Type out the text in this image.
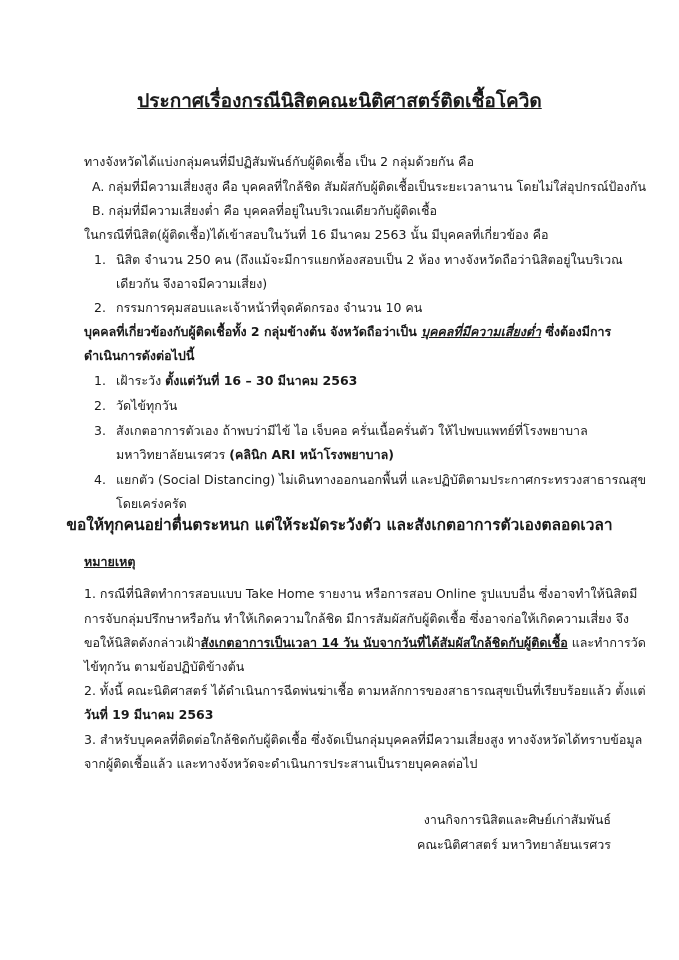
ประกาศเรื่องกรณีนิสิตคณะนิติศาสตร์ติดเชื้อโควิด
ทางจังหวัดได้แบ่งกลุ่มคนที่มีปฏิสัมพันธ์กับผู้ติดเชื้อ เป็น 2 กลุ่มด้วยกัน คือ
A. กลุ่มที่มีความเสี่ยงสูง คือ บุคคลที่ใกล้ชิด สัมผัสกับผู้ติดเชื้อเป็นระยะเวลานาน โดยไม่ใส่อุปกรณ์ป้องกัน
B. กลุ่มที่มีความเสี่ยงต่ำ คือ บุคคลที่อยู่ในบริเวณเดียวกับผู้ติดเชื้อ
ในกรณีที่นิสิต(ผู้ติดเชื้อ)ได้เข้าสอบในวันที่ 16 มีนาคม 2563 นั้น มีบุคคลที่เกี่ยวข้อง คือ
1. นิสิต จำนวน 250 คน (ถึงแม้จะมีการแยกห้องสอบเป็น 2 ห้อง ทางจังหวัดถือว่านิสิตอยู่ในบริเวณ
เดียวกัน จึงอาจมีความเสี่ยง)
2. กรรมการคุมสอบและเจ้าหน้าที่จุดคัดกรอง จำนวน 10 คน
บุคคลที่เกี่ยวข้องกับผู้ติดเชื้อทั้ง 2 กลุ่มข้างต้น จังหวัดถือว่าเป็น บุคคลที่มีความเสี่ยงต่ำ ซึ่งต้องมีการ
ดำเนินการดังต่อไปนี้
1. เฝ้าระวัง ตั้งแต่วันที่ 16 – 30 มีนาคม 2563
2. วัดไข้ทุกวัน
3. สังเกตอาการตัวเอง ถ้าพบว่ามีไข้ ไอ เจ็บคอ ครั่นเนื้อครั่นตัว ให้ไปพบแพทย์ที่โรงพยาบาล
มหาวิทยาลัยนเรศวร (คลินิก ARI หน้าโรงพยาบาล)
4. แยกตัว (Social Distancing) ไม่เดินทางออกนอกพื้นที่ และปฏิบัติตามประกาศกระทรวงสาธารณสุข
โดยเคร่งครัด
ขอให้ทุกคนอย่าตื่นตระหนก แต่ให้ระมัดระวังตัว และสังเกตอาการตัวเองตลอดเวลา
หมายเหตุ
1. กรณีที่นิสิตทำการสอบแบบ Take Home รายงาน หรือการสอบ Online รูปแบบอื่น ซึ่งอาจทำให้นิสิตมี
การจับกลุ่มปรึกษาหรือกัน ทำให้เกิดความใกล้ชิด มีการสัมผัสกับผู้ติดเชื้อ ซึ่งอาจก่อให้เกิดความเสี่ยง จึง
ขอให้นิสิตดังกล่าวเฝ้าสังเกตอาการเป็นเวลา 14 วัน นับจากวันที่ได้สัมผัสใกล้ชิดกับผู้ติดเชื้อ และทำการวัด
ไข้ทุกวัน ตามข้อปฏิบัติข้างต้น
2. ทั้งนี้ คณะนิติศาสตร์ ได้ดำเนินการฉีดพ่นฆ่าเชื้อ ตามหลักการของสาธารณสุขเป็นที่เรียบร้อยแล้ว ตั้งแต่
วันที่ 19 มีนาคม 2563
3. สำหรับบุคคลที่ติดต่อใกล้ชิดกับผู้ติดเชื้อ ซึ่งจัดเป็นกลุ่มบุคคลที่มีความเสี่ยงสูง ทางจังหวัดได้ทราบข้อมูล
จากผู้ติดเชื้อแล้ว และทางจังหวัดจะดำเนินการประสานเป็นรายบุคคลต่อไป
งานกิจการนิสิตและศิษย์เก่าสัมพันธ์
คณะนิติศาสตร์ มหาวิทยาลัยนเรศวร
